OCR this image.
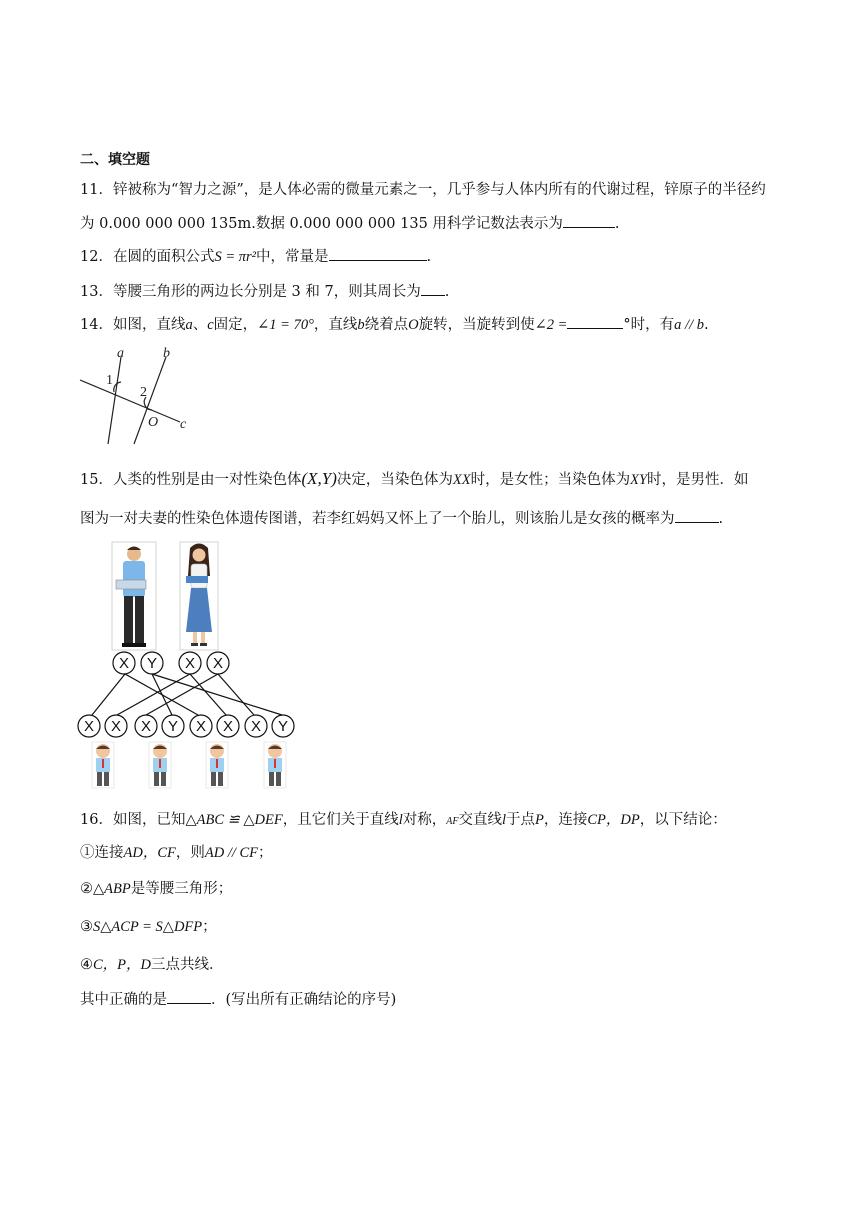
二、填空题
11．锌被称为“智力之源”，是人体必需的微量元素之一，几乎参与人体内所有的代谢过程，锌原子的半径约
为 0.000 000 000 135m.数据 0.000 000 000 135 用科学记数法表示为	.
12．在圆的面积公式S = πr²中，常量是	.
13．等腰三角形的两边长分别是 3 和 7，则其周长为 .
14．如图，直线a、c固定，∠1 = 70°，直线b绕着点O旋转，当旋转到使∠2 =	°时，有a // b.
a	b
1
2
O c
15．人类的性别是由一对性染色体(X,Y)决定，当染色体为XX时，是女性；当染色体为XY时，是男性．如
图为一对夫妻的性染色体遗传图谱，若李红妈妈又怀上了一个胎儿，则该胎儿是女孩的概率为	.
X Y X X
X X X Y X X X Y
16．如图，已知△ABC ≌ △DEF，且它们关于直线l对称，AF交直线l于点P，连接CP，DP，以下结论：
①连接AD，CF，则AD // CF；
②△ABP是等腰三角形；
③S△ACP = S△DFP；
④C，P，D三点共线．
其中正确的是	．(写出所有正确结论的序号)
